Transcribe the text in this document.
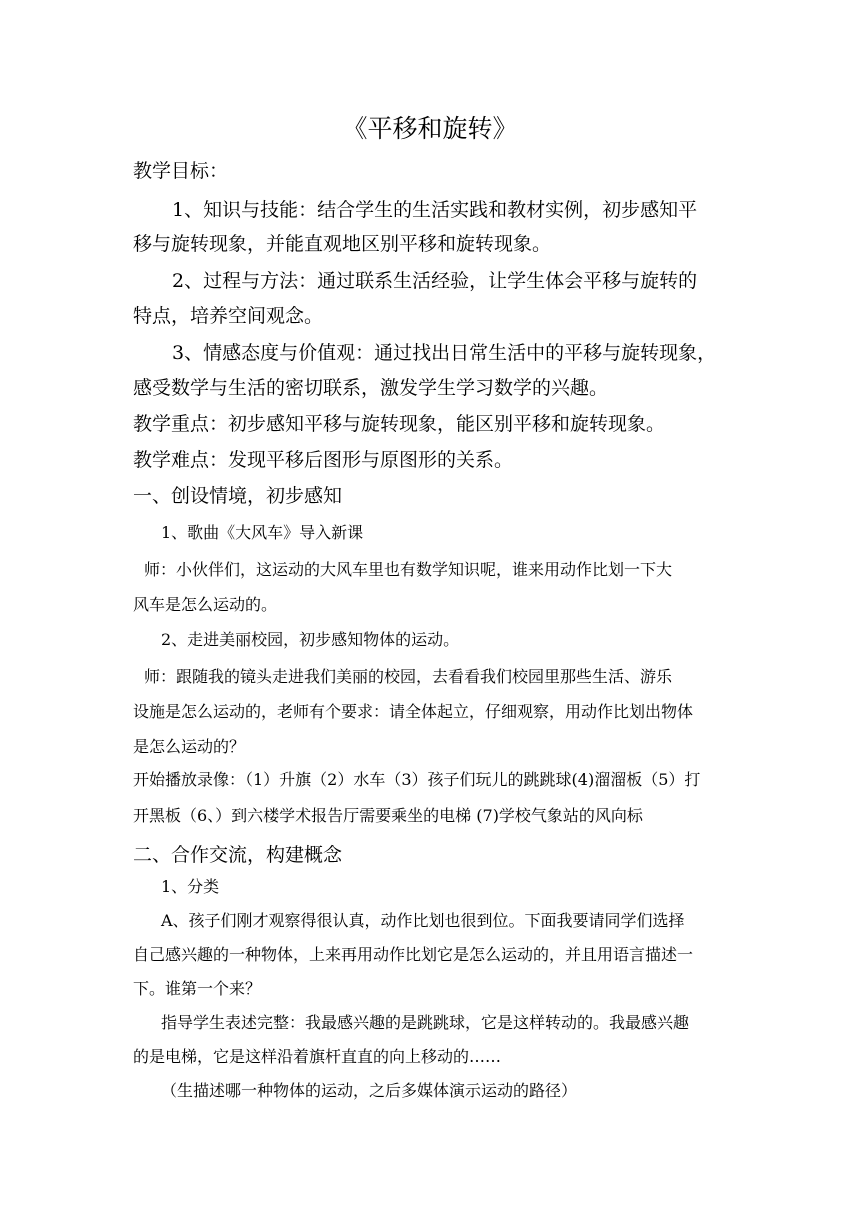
《平移和旋转》
教学目标：
1、知识与技能：结合学生的生活实践和教材实例，初步感知平
移与旋转现象，并能直观地区别平移和旋转现象。
2、过程与方法：通过联系生活经验，让学生体会平移与旋转的
特点，培养空间观念。
3、情感态度与价值观：通过找出日常生活中的平移与旋转现象，
感受数学与生活的密切联系，激发学生学习数学的兴趣。
教学重点：初步感知平移与旋转现象，能区别平移和旋转现象。
教学难点：发现平移后图形与原图形的关系。
一、创设情境，初步感知
1、歌曲《大风车》导入新课
师：小伙伴们，这运动的大风车里也有数学知识呢，谁来用动作比划一下大
风车是怎么运动的。
2、走进美丽校园，初步感知物体的运动。
师：跟随我的镜头走进我们美丽的校园，去看看我们校园里那些生活、游乐
设施是怎么运动的，老师有个要求：请全体起立，仔细观察，用动作比划出物体
是怎么运动的？
开始播放录像：（1）升旗（2）水车（3）孩子们玩儿的跳跳球(4)溜溜板（5）打
开黑板（6、）到六楼学术报告厅需要乘坐的电梯 (7)学校气象站的风向标
二、合作交流，构建概念
1、分类
A、孩子们刚才观察得很认真，动作比划也很到位。下面我要请同学们选择
自己感兴趣的一种物体，上来再用动作比划它是怎么运动的，并且用语言描述一
下。谁第一个来？
指导学生表述完整：我最感兴趣的是跳跳球，它是这样转动的。我最感兴趣
的是电梯，它是这样沿着旗杆直直的向上移动的……
（生描述哪一种物体的运动，之后多媒体演示运动的路径）
